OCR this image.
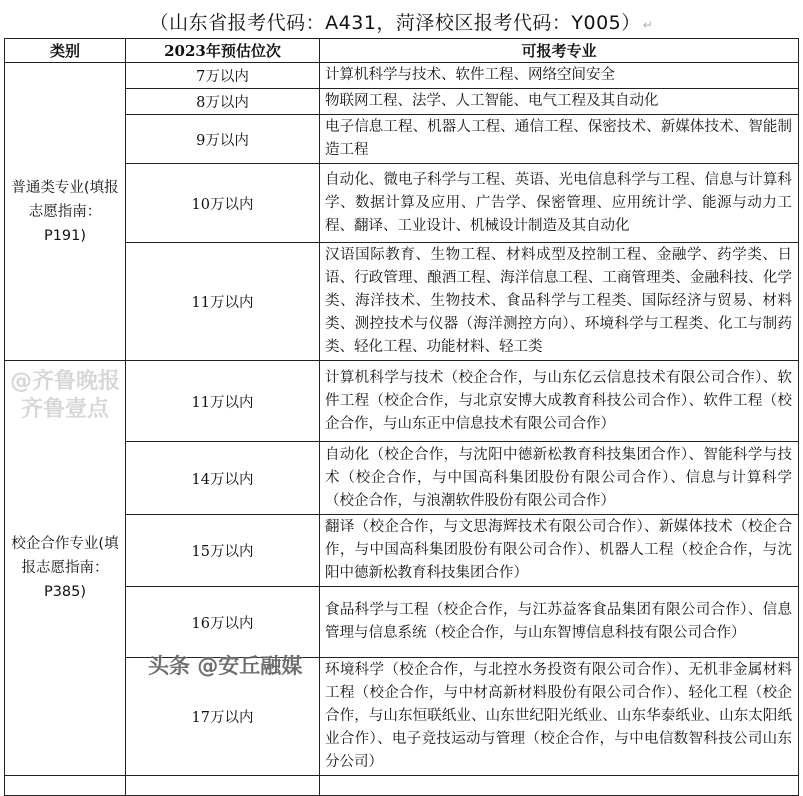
（山东省报考代码：A431，菏泽校区报考代码：Y005） ↵
类别	2023年预估位次	可报考专业
普通类专业(填报志愿指南：P191)	7万以内	计算机科学与技术、软件工程、网络空间安全
	8万以内	物联网工程、法学、人工智能、电气工程及其自动化
	9万以内	电子信息工程、机器人工程、通信工程、保密技术、新媒体技术、智能制造工程
	10万以内	自动化、微电子科学与工程、英语、光电信息科学与工程、信息与计算科学、数据计算及应用、广告学、保密管理、应用统计学、能源与动力工程、翻译、工业设计、机械设计制造及其自动化
	11万以内	汉语国际教育、生物工程、材料成型及控制工程、金融学、药学类、日语、行政管理、酿酒工程、海洋信息工程、工商管理类、金融科技、化学类、海洋技术、生物技术、食品科学与工程类、国际经济与贸易、材料类、测控技术与仪器（海洋测控方向）、环境科学与工程类、化工与制药类、轻化工程、功能材料、轻工类
校企合作专业(填报志愿指南：P385)	11万以内	计算机科学与技术（校企合作，与山东亿云信息技术有限公司合作）、软件工程（校企合作，与北京安博大成教育科技公司合作）、软件工程（校企合作，与山东正中信息技术有限公司合作）
	14万以内	自动化（校企合作，与沈阳中德新松教育科技集团合作）、智能科学与技术（校企合作，与中国高科集团股份有限公司合作）、信息与计算科学（校企合作，与浪潮软件股份有限公司合作）
	15万以内	翻译（校企合作，与文思海辉技术有限公司合作）、新媒体技术（校企合作，与中国高科集团股份有限公司合作）、机器人工程（校企合作，与沈阳中德新松教育科技集团合作）
	16万以内	食品科学与工程（校企合作，与江苏益客食品集团有限公司合作）、信息管理与信息系统（校企合作，与山东智博信息科技有限公司合作）
	17万以内	环境科学（校企合作，与北控水务投资有限公司合作）、无机非金属材料工程（校企合作，与中材高新材料股份有限公司合作）、轻化工程（校企合作，与山东恒联纸业、山东世纪阳光纸业、山东华泰纸业、山东太阳纸业合作）、电子竞技运动与管理（校企合作，与中电信数智科技公司山东分公司）

@齐鲁晚报 齐鲁壹点
头条 @安丘融媒
